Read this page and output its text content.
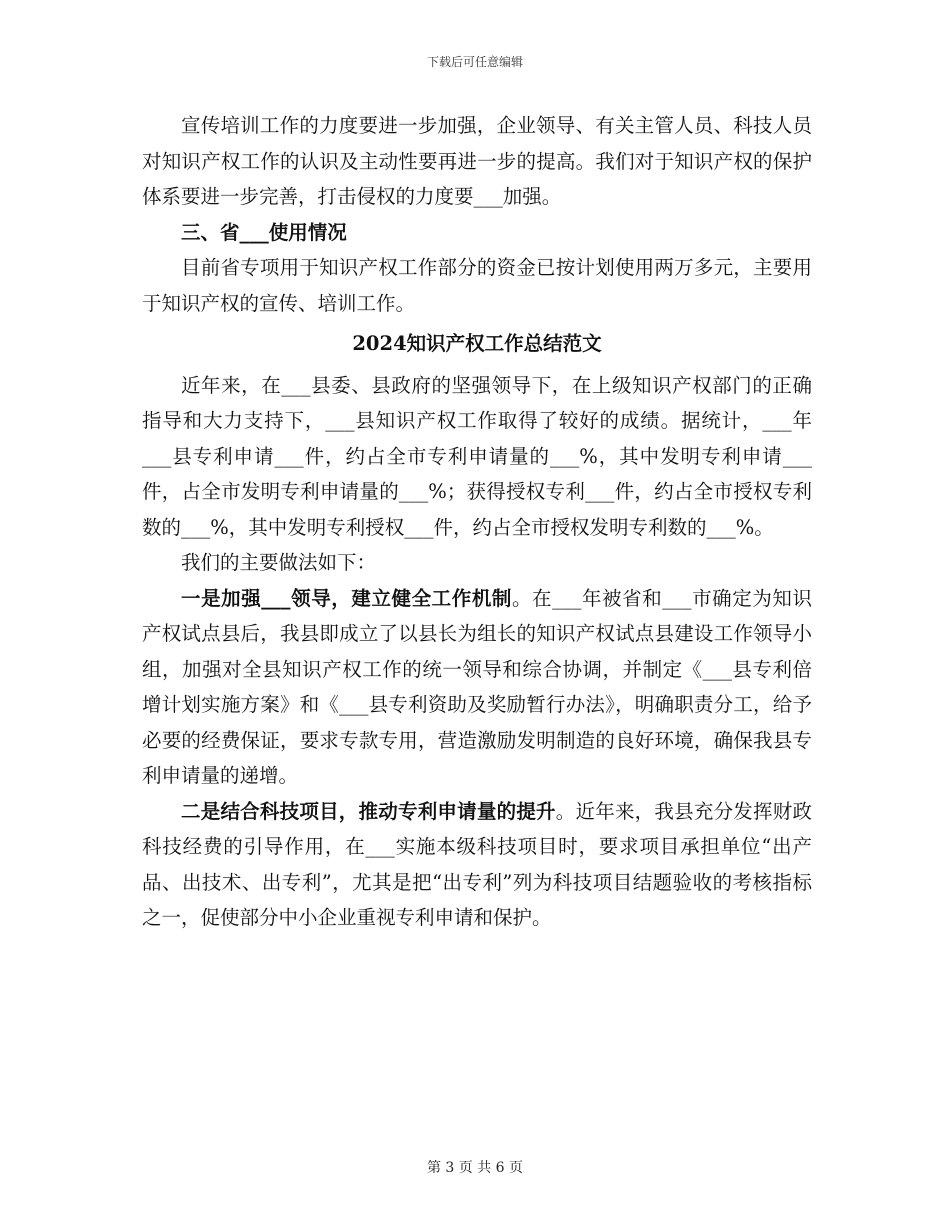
下载后可任意编辑

宣传培训工作的力度要进一步加强，企业领导、有关主管人员、科技人员对知识产权工作的认识及主动性要再进一步的提高。我们对于知识产权的保护体系要进一步完善，打击侵权的力度要___加强。

三、省___使用情况

目前省专项用于知识产权工作部分的资金已按计划使用两万多元，主要用于知识产权的宣传、培训工作。

2024知识产权工作总结范文

近年来，在___县委、县政府的坚强领导下，在上级知识产权部门的正确指导和大力支持下，___县知识产权工作取得了较好的成绩。据统计，___年___县专利申请___件，约占全市专利申请量的___%，其中发明专利申请___件，占全市发明专利申请量的___%；获得授权专利___件，约占全市授权专利数的___%，其中发明专利授权___件，约占全市授权发明专利数的___%。

我们的主要做法如下：

一是加强___领导，建立健全工作机制。在___年被省和___市确定为知识产权试点县后，我县即成立了以县长为组长的知识产权试点县建设工作领导小组，加强对全县知识产权工作的统一领导和综合协调，并制定《___县专利倍增计划实施方案》和《___县专利资助及奖励暂行办法》，明确职责分工，给予必要的经费保证，要求专款专用，营造激励发明制造的良好环境，确保我县专利申请量的递增。

二是结合科技项目，推动专利申请量的提升。近年来，我县充分发挥财政科技经费的引导作用，在___实施本级科技项目时，要求项目承担单位“出产品、出技术、出专利”，尤其是把“出专利”列为科技项目结题验收的考核指标之一，促使部分中小企业重视专利申请和保护。

第 3 页 共 6 页
